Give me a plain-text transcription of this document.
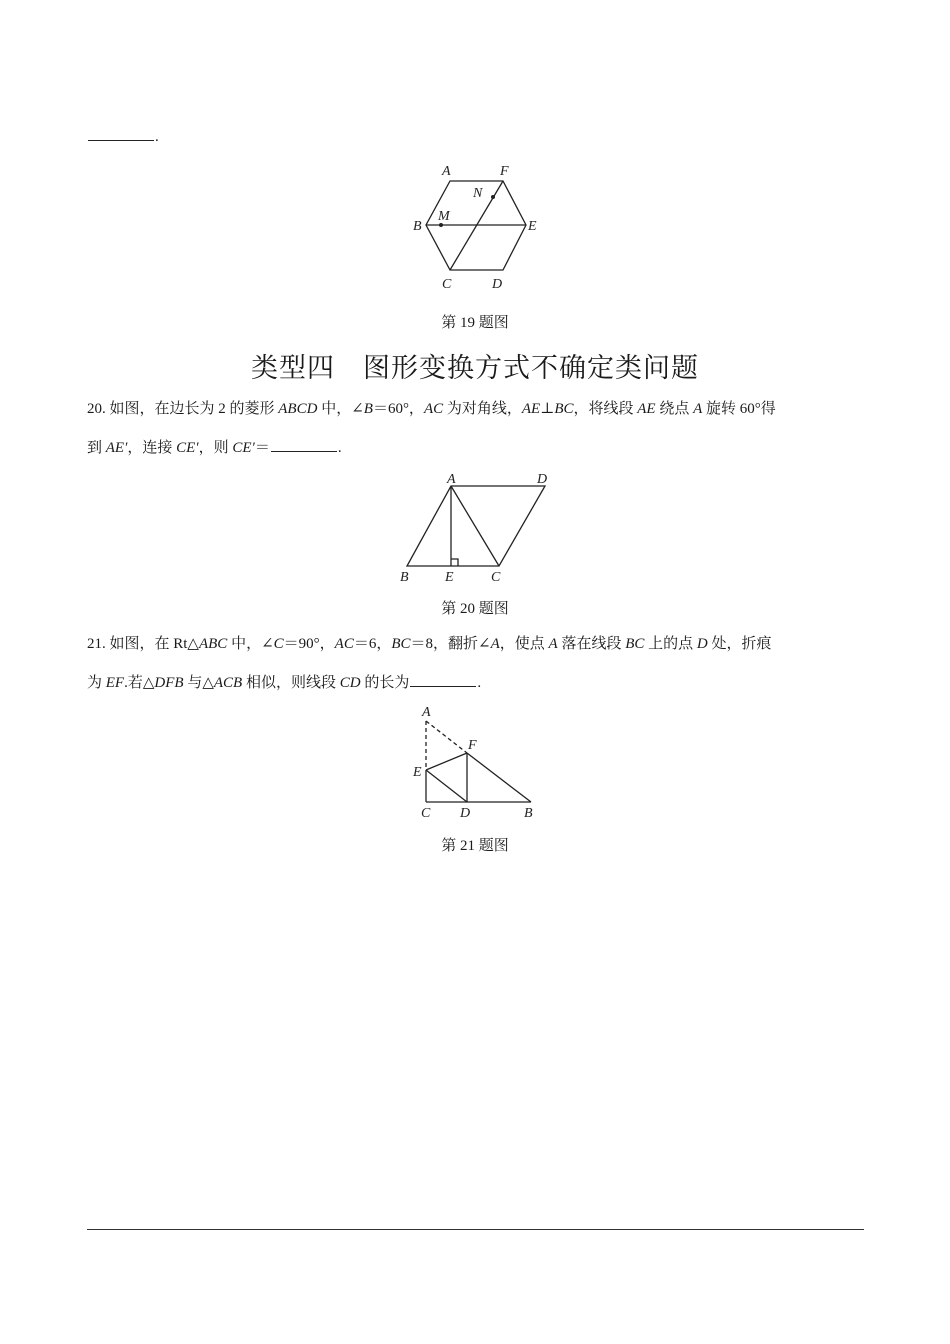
.
A	F
N
M
B	E
C	D
第 19 题图
类型四　图形变换方式不确定类问题
20. 如图，在边长为 2 的菱形 ABCD 中，∠B＝60°，AC 为对角线，AE⊥BC，将线段 AE 绕点 A 旋转 60°得
到 AE′，连接 CE′，则 CE′＝	.
A	D
B	E	C
第 20 题图
21. 如图，在 Rt△ABC 中，∠C＝90°，AC＝6，BC＝8，翻折∠A，使点 A 落在线段 BC 上的点 D 处，折痕
为 EF.若△DFB 与△ACB 相似，则线段 CD 的长为	.
A
F
E
C D	B
第 21 题图
